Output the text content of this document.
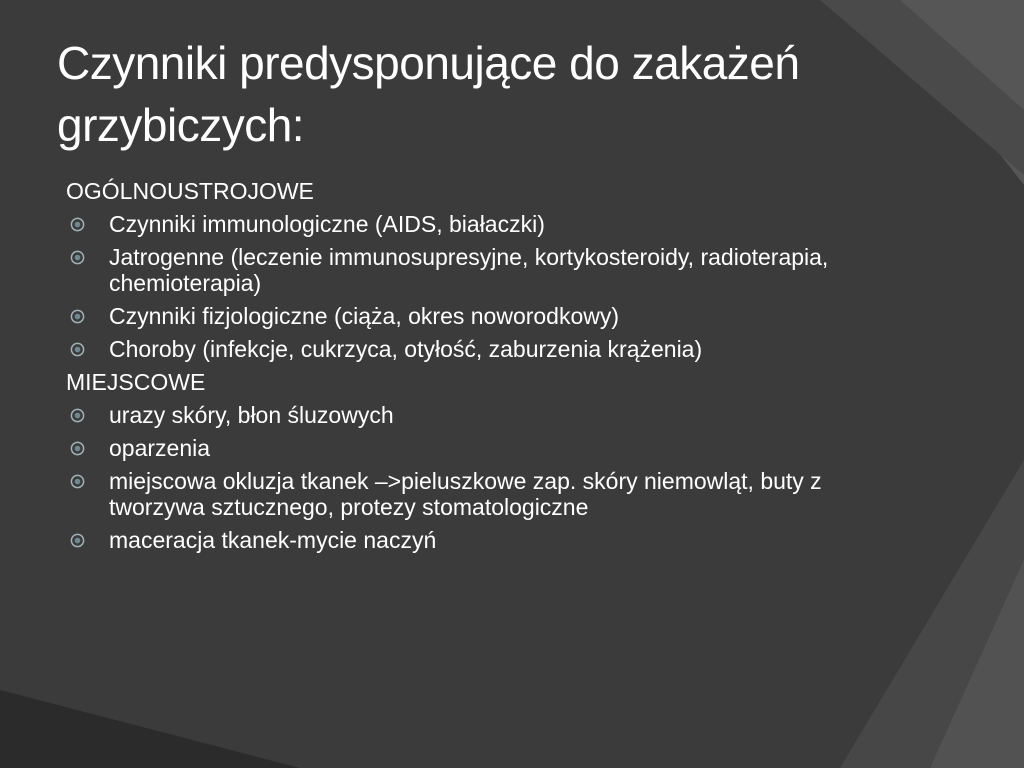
Czynniki predysponujące do zakażeń grzybiczych:
OGÓLNOUSTROJOWE
Czynniki immunologiczne (AIDS, białaczki)
Jatrogenne (leczenie immunosupresyjne, kortykosteroidy, radioterapia, chemioterapia)
Czynniki fizjologiczne (ciąża, okres noworodkowy)
Choroby (infekcje, cukrzyca, otyłość, zaburzenia krążenia)
MIEJSCOWE
urazy skóry, błon śluzowych
oparzenia
miejscowa okluzja tkanek –>pieluszkowe zap. skóry niemowląt, buty z tworzywa sztucznego, protezy stomatologiczne
maceracja tkanek-mycie naczyń
